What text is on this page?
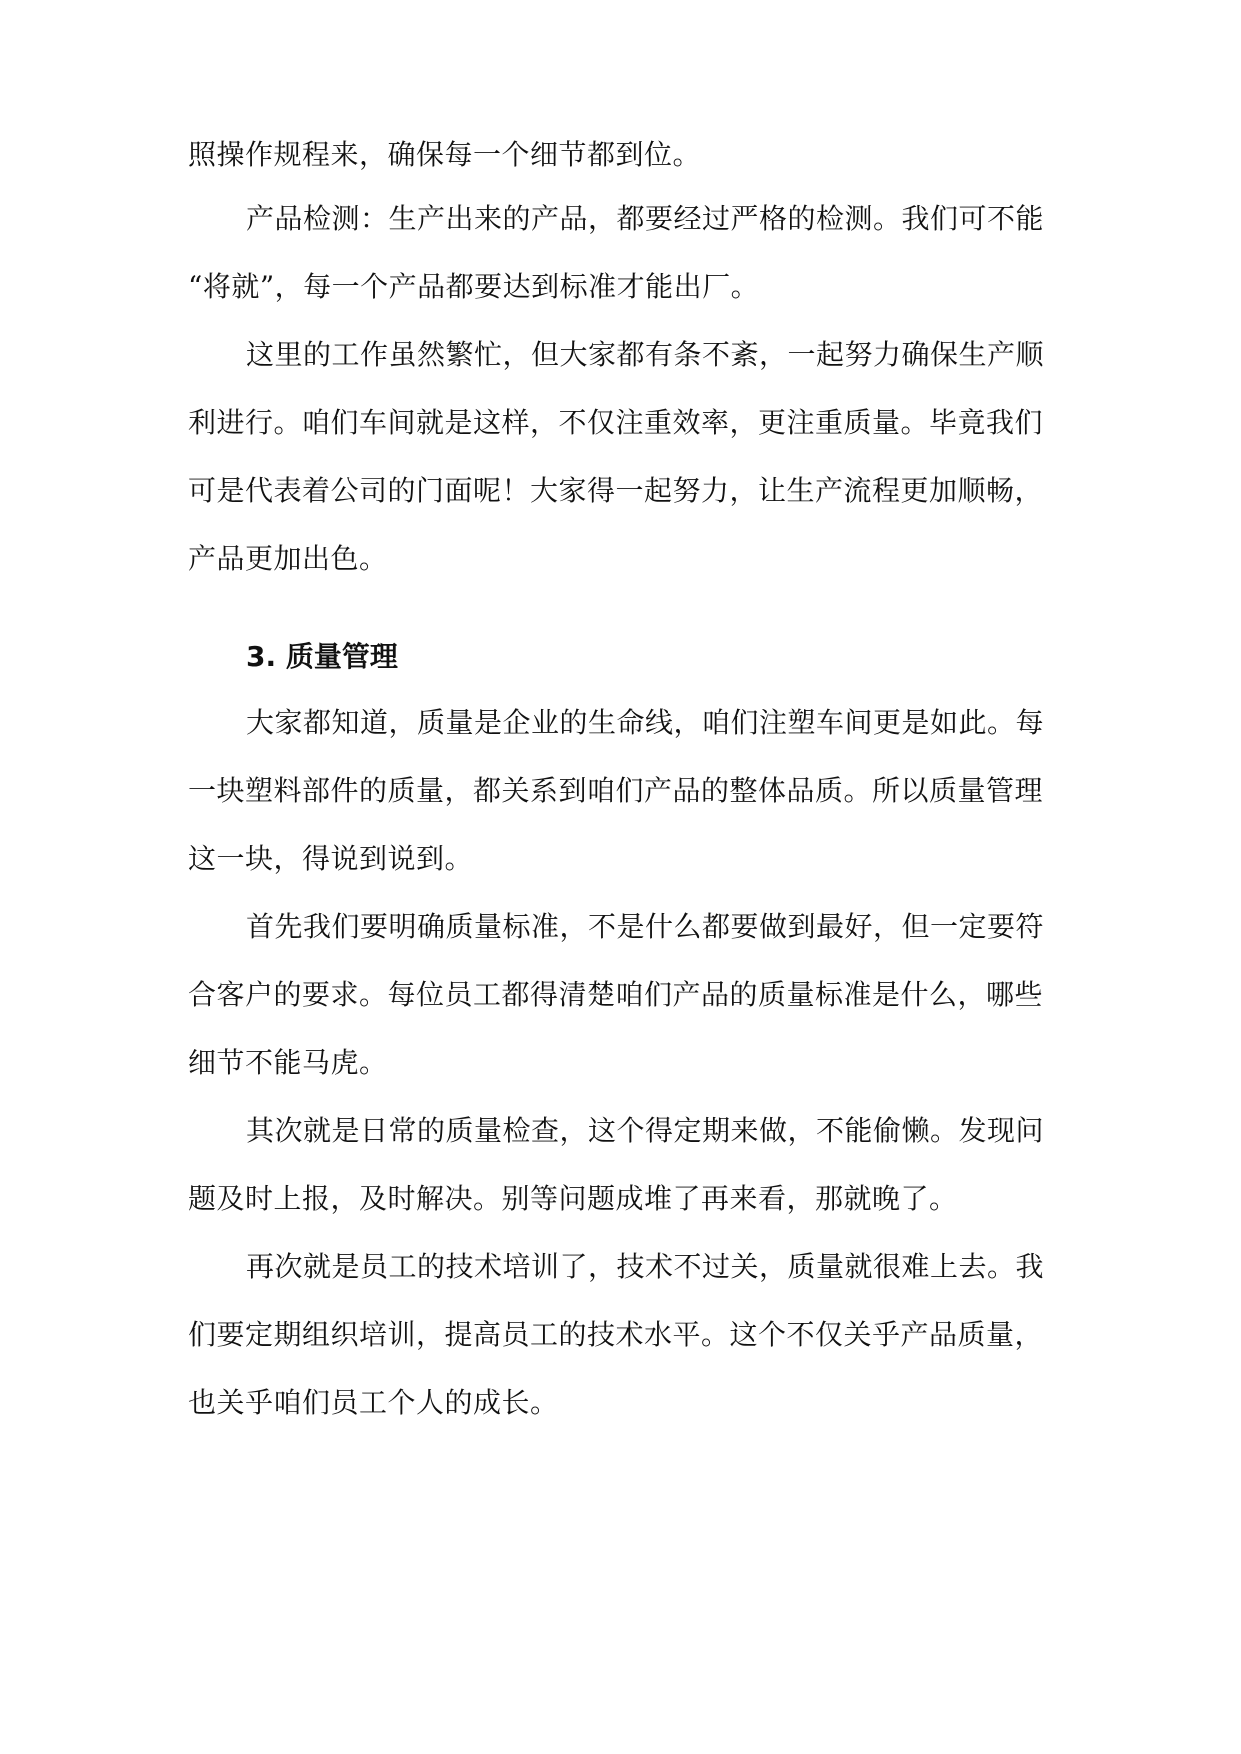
照操作规程来，确保每一个细节都到位。
产品检测：生产出来的产品，都要经过严格的检测。我们可不能
“将就”，每一个产品都要达到标准才能出厂。
这里的工作虽然繁忙，但大家都有条不紊，一起努力确保生产顺
利进行。咱们车间就是这样，不仅注重效率，更注重质量。毕竟我们
可是代表着公司的门面呢！大家得一起努力，让生产流程更加顺畅，
产品更加出色。
3. 质量管理
大家都知道，质量是企业的生命线，咱们注塑车间更是如此。每
一块塑料部件的质量，都关系到咱们产品的整体品质。所以质量管理
这一块，得说到说到。
首先我们要明确质量标准，不是什么都要做到最好，但一定要符
合客户的要求。每位员工都得清楚咱们产品的质量标准是什么，哪些
细节不能马虎。
其次就是日常的质量检查，这个得定期来做，不能偷懒。发现问
题及时上报，及时解决。别等问题成堆了再来看，那就晚了。
再次就是员工的技术培训了，技术不过关，质量就很难上去。我
们要定期组织培训，提高员工的技术水平。这个不仅关乎产品质量，
也关乎咱们员工个人的成长。
